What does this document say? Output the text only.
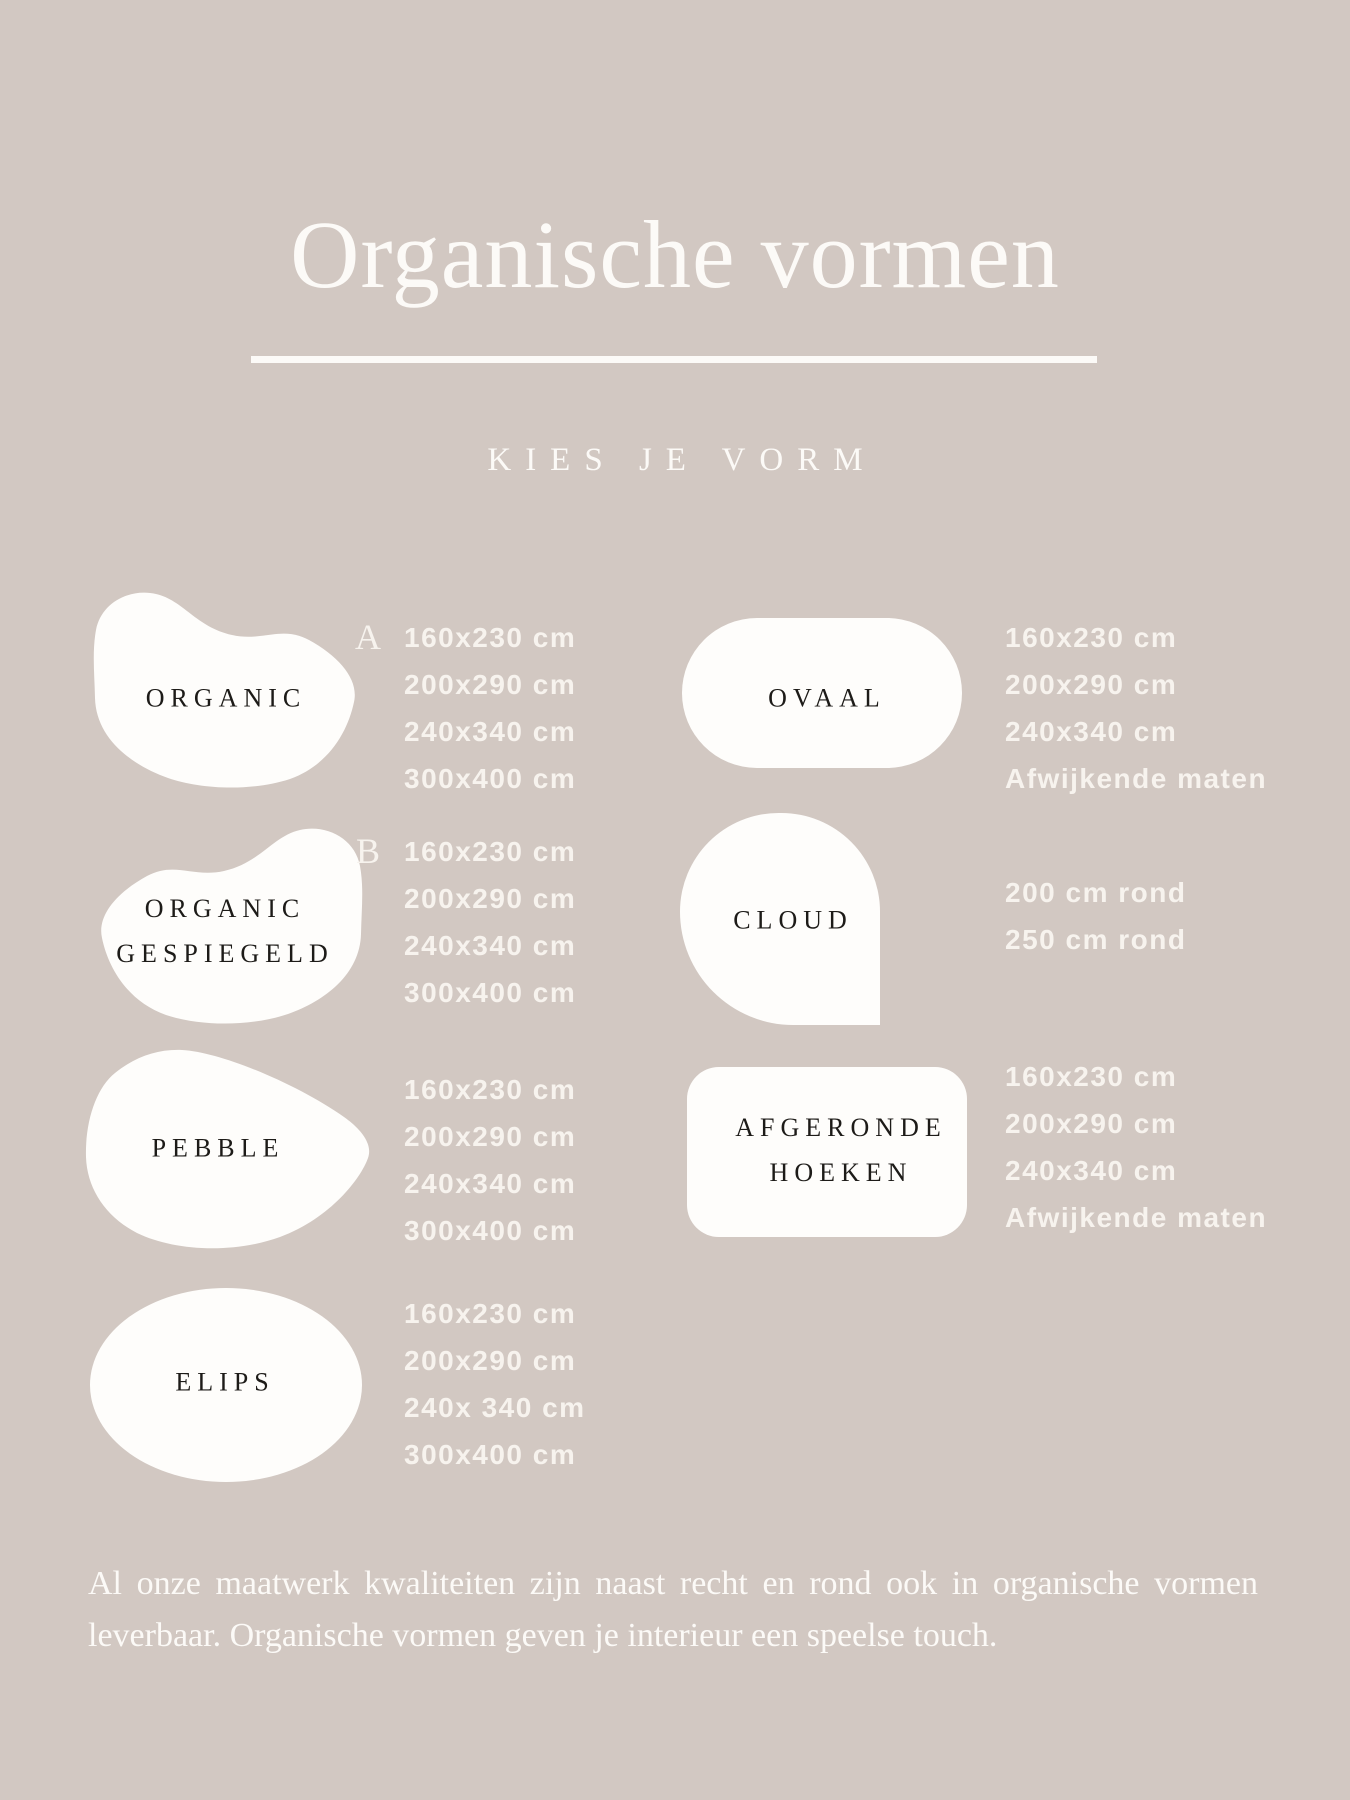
Organische vormen
KIES JE VORM
ORGANIC
A 160x230 cm
200x290 cm
240x340 cm
300x400 cm
ORGANIC
GESPIEGELD
B 160x230 cm
200x290 cm
240x340 cm
300x400 cm
PEBBLE
160x230 cm
200x290 cm
240x340 cm
300x400 cm
ELIPS
160x230 cm
200x290 cm
240x 340 cm
300x400 cm
OVAAL
160x230 cm
200x290 cm
240x340 cm
Afwijkende maten
CLOUD
200 cm rond
250 cm rond
AFGERONDE
HOEKEN
160x230 cm
200x290 cm
240x340 cm
Afwijkende maten
Al onze maatwerk kwaliteiten zijn naast recht en rond ook in organische vormen
leverbaar. Organische vormen geven je interieur een speelse touch.
